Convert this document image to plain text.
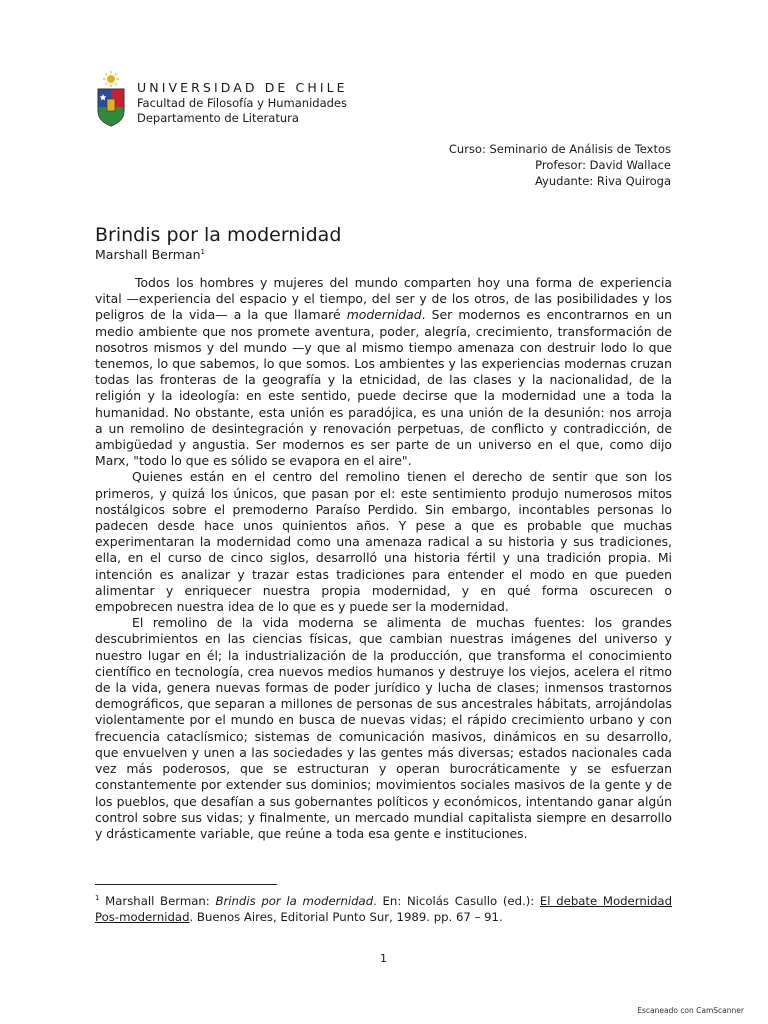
UNIVERSIDAD DE CHILE
Facultad de Filosofía y Humanidades
Departamento de Literatura
Curso: Seminario de Análisis de Textos
Profesor: David Wallace
Ayudante: Riva Quiroga
Brindis por la modernidad
Marshall Berman$^1$

Todos los hombres y mujeres del mundo comparten hoy una forma de experiencia vital —experiencia del espacio y el tiempo, del ser y de los otros, de las posibilidades y los peligros de la vida— a la que llamaré modernidad. Ser modernos es encontrarnos en un medio ambiente que nos promete aventura, poder, alegría, crecimiento, transformación de nosotros mismos y del mundo —y que al mismo tiempo amenaza con destruir lodo lo que tenemos, lo que sabemos, lo que somos. Los ambientes y las experiencias modernas cruzan todas las fronteras de la geografía y la etnicidad, de las clases y la nacionalidad, de la religión y la ideología: en este sentido, puede decirse que la modernidad une a toda la humanidad. No obstante, esta unión es paradójica, es una unión de la desunión: nos arroja a un remolino de desintegración y renovación perpetuas, de conflicto y contradicción, de ambigüedad y angustia. Ser modernos es ser parte de un universo en el que, como dijo Marx, "todo lo que es sólido se evapora en el aire".

Quienes están en el centro del remolino tienen el derecho de sentir que son los primeros, y quizá los únicos, que pasan por el: este sentimiento produjo numerosos mitos nostálgicos sobre el premoderno Paraíso Perdido. Sin embargo, incontables personas lo padecen desde hace unos quinientos años. Y pese a que es probable que muchas experimentaran la modernidad como una amenaza radical a su historia y sus tradiciones, ella, en el curso de cinco siglos, desarrolló una historia fértil y una tradición propia. Mi intención es analizar y trazar estas tradiciones para entender el modo en que pueden alimentar y enriquecer nuestra propia modernidad, y en qué forma oscurecen o empobrecen nuestra idea de lo que es y puede ser la modernidad.

El remolino de la vida moderna se alimenta de muchas fuentes: los grandes descubrimientos en las ciencias físicas, que cambian nuestras imágenes del universo y nuestro lugar en él; la industrialización de la producción, que transforma el conocimiento científico en tecnología, crea nuevos medios humanos y destruye los viejos, acelera el ritmo de la vida, genera nuevas formas de poder jurídico y lucha de clases; inmensos trastornos demográficos, que separan a millones de personas de sus ancestrales hábitats, arrojándolas violentamente por el mundo en busca de nuevas vidas; el rápido crecimiento urbano y con frecuencia cataclísmico; sistemas de comunicación masivos, dinámicos en su desarrollo, que envuelven y unen a las sociedades y las gentes más diversas; estados nacionales cada vez más poderosos, que se estructuran y operan burocráticamente y se esfuerzan constantemente por extender sus dominios; movimientos sociales masivos de la gente y de los pueblos, que desafían a sus gobernantes políticos y económicos, intentando ganar algún control sobre sus vidas; y finalmente, un mercado mundial capitalista siempre en desarrollo y drásticamente variable, que reúne a toda esa gente e instituciones.

$^1$ Marshall Berman: Brindis por la modernidad. En: Nicolás Casullo (ed.): El debate Modernidad Pos-modernidad. Buenos Aires, Editorial Punto Sur, 1989. pp. 67 – 91.
1
Escaneado con CamScanner
